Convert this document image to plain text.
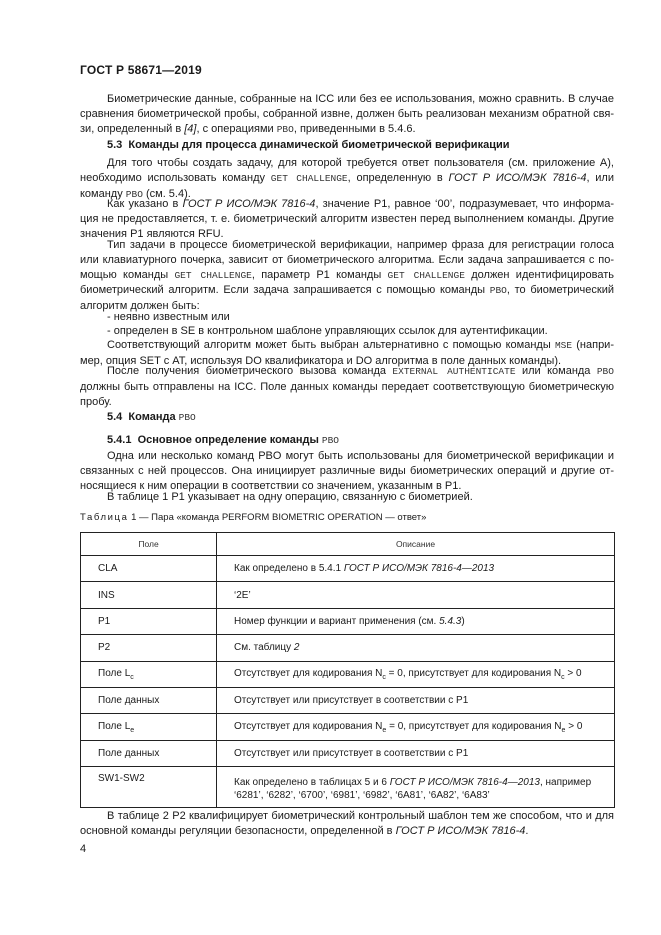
ГОСТ Р 58671—2019
Биометрические данные, собранные на ICC или без ее использования, можно сравнить. В случае сравнения биометрической пробы, собранной извне, должен быть реализован механизм обратной свя-зи, определенный в [4], с операциями PBO, приведенными в 5.4.6.
5.3 Команды для процесса динамической биометрической верификации
Для того чтобы создать задачу, для которой требуется ответ пользователя (см. приложение А), необходимо использовать команду GET CHALLENGE, определенную в ГОСТ Р ИСО/МЭК 7816-4, или команду PBO (см. 5.4).
Как указано в ГОСТ Р ИСО/МЭК 7816-4, значение Р1, равное ‘00’, подразумевает, что информа-ция не предоставляется, т. е. биометрический алгоритм известен перед выполнением команды. Другие значения Р1 являются RFU.
Тип задачи в процессе биометрической верификации, например фраза для регистрации голоса или клавиатурного почерка, зависит от биометрического алгоритма. Если задача запрашивается с по-мощью команды GET CHALLENGE, параметр Р1 команды GET CHALLENGE должен идентифицировать биометрический алгоритм. Если задача запрашивается с помощью команды PBO, то биометрический алгоритм должен быть:
- неявно известным или
- определен в SE в контрольном шаблоне управляющих ссылок для аутентификации.
Соответствующий алгоритм может быть выбран альтернативно с помощью команды MSE (напри-мер, опция SET с АТ, используя DO квалификатора и DO алгоритма в поле данных команды).
После получения биометрического вызова команда EXTERNAL AUTHENTICATE или команда PBO должны быть отправлены на ICC. Поле данных команды передает соответствующую биометрическую пробу.
5.4 Команда PBO
5.4.1 Основное определение команды PBO
Одна или несколько команд PBO могут быть использованы для биометрической верификации и связанных с ней процессов. Она инициирует различные виды биометрических операций и другие от-носящиеся к ним операции в соответствии со значением, указанным в Р1.
В таблице 1 Р1 указывает на одну операцию, связанную с биометрией.
Таблица 1 — Пара «команда PERFORM BIOMETRIC OPERATION — ответ»
Поле	Описание
CLA	Как определено в 5.4.1 ГОСТ Р ИСО/МЭК 7816-4—2013
INS	‘2E’
P1	Номер функции и вариант применения (см. 5.4.3)
P2	См. таблицу 2
Поле $L_c$	Отсутствует для кодирования $N_c = 0$, присутствует для кодирования $N_c > 0$
Поле данных	Отсутствует или присутствует в соответствии с Р1
Поле $L_e$	Отсутствует для кодирования $N_e = 0$, присутствует для кодирования $N_e > 0$
Поле данных	Отсутствует или присутствует в соответствии с Р1
SW1-SW2	Как определено в таблицах 5 и 6 ГОСТ Р ИСО/МЭК 7816-4—2013, например ‘6281’, ‘6282’, ‘6700’, ‘6981’, ‘6982’, ‘6A81’, ‘6A82’, ‘6A83’
В таблице 2 Р2 квалифицирует биометрический контрольный шаблон тем же способом, что и для основной команды регуляции безопасности, определенной в ГОСТ Р ИСО/МЭК 7816-4.
4
